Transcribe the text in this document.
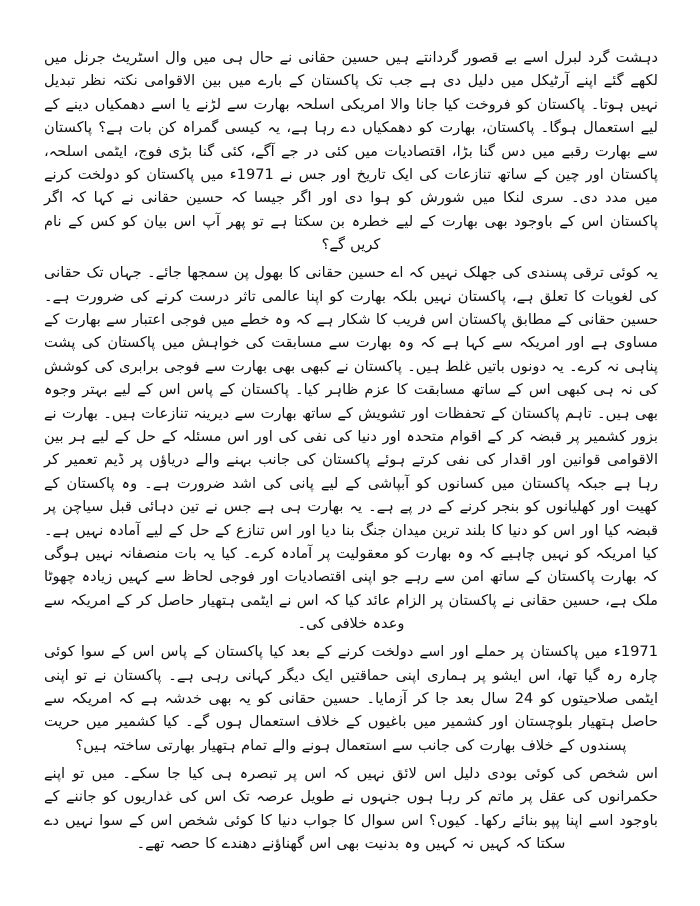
دہشت گرد لبرل اسے بے قصور گردانتے ہیں حسین حقانی نے حال ہی میں وال اسٹریٹ جرنل میں لکھے گئے اپنے آرٹیکل میں دلیل دی ہے جب تک پاکستان کے بارے میں بین الاقوامی نکتہ نظر تبدیل نہیں ہوتا۔ پاکستان کو فروخت کیا جانا والا امریکی اسلحہ بھارت سے لڑنے یا اسے دھمکیاں دینے کے لیے استعمال ہوگا۔ پاکستان، بھارت کو دھمکیاں دے رہا ہے، یہ کیسی گمراہ کن بات ہے؟ پاکستان سے بھارت رقبے میں دس گنا بڑا، اقتصادیات میں کئی در جے آگے، کئی گنا بڑی فوج، ایٹمی اسلحہ، پاکستان اور چین کے ساتھ تنازعات کی ایک تاریخ اور جس نے 1971ء میں پاکستان کو دولخت کرنے میں مدد دی۔ سری لنکا میں شورش کو ہوا دی اور اگر جیسا کہ حسین حقانی نے کہا کہ اگر پاکستان اس کے باوجود بھی بھارت کے لیے خطرہ بن سکتا ہے تو پھر آپ اس بیان کو کس کے نام کریں گے؟

یہ کوئی ترقی پسندی کی جھلک نہیں کہ اے حسین حقانی کا بھول پن سمجھا جائے۔ جہاں تک حقانی کی لغویات کا تعلق ہے، پاکستان نہیں بلکہ بھارت کو اپنا عالمی تاثر درست کرنے کی ضرورت ہے۔ حسین حقانی کے مطابق پاکستان اس فریب کا شکار ہے کہ وہ خطے میں فوجی اعتبار سے بھارت کے مساوی ہے اور امریکہ سے کہا ہے کہ وہ بھارت سے مسابقت کی خواہش میں پاکستان کی پشت پناہی نہ کرے۔ یہ دونوں باتیں غلط ہیں۔ پاکستان نے کبھی بھی بھارت سے فوجی برابری کی کوشش کی نہ ہی کبھی اس کے ساتھ مسابقت کا عزم ظاہر کیا۔ پاکستان کے پاس اس کے لیے بہتر وجوہ بھی ہیں۔ تاہم پاکستان کے تحفظات اور تشویش کے ساتھ بھارت سے دیرینہ تنازعات ہیں۔ بھارت نے بزور کشمیر پر قبضہ کر کے اقوام متحدہ اور دنیا کی نفی کی اور اس مسئلہ کے حل کے لیے ہر بین الاقوامی قوانین اور اقدار کی نفی کرتے ہوئے پاکستان کی جانب بہنے والے دریاؤں پر ڈیم تعمیر کر رہا ہے جبکہ پاکستان میں کسانوں کو آبپاشی کے لیے پانی کی اشد ضرورت ہے۔ وہ پاکستان کے کھیت اور کھلیانوں کو بنجر کرنے کے در پے ہے۔ یہ بھارت ہی ہے جس نے تین دہائی قبل سیاچن پر قبضہ کیا اور اس کو دنیا کا بلند ترین میدان جنگ بنا دیا اور اس تنازع کے حل کے لیے آمادہ نہیں ہے۔ کیا امریکہ کو نہیں چاہیے کہ وہ بھارت کو معقولیت پر آمادہ کرے۔ کیا یہ بات منصفانہ نہیں ہوگی کہ بھارت پاکستان کے ساتھ امن سے رہے جو اپنی اقتصادیات اور فوجی لحاظ سے کہیں زیادہ چھوٹا ملک ہے، حسین حقانی نے پاکستان پر الزام عائد کیا کہ اس نے ایٹمی ہتھیار حاصل کر کے امریکہ سے وعدہ خلافی کی۔

1971ء میں پاکستان پر حملے اور اسے دولخت کرنے کے بعد کیا پاکستان کے پاس اس کے سوا کوئی چارہ رہ گیا تھا، اس ایشو پر ہماری اپنی حماقتیں ایک دیگر کہانی رہی ہے۔ پاکستان نے تو اپنی ایٹمی صلاحیتوں کو 24 سال بعد جا کر آزمایا۔ حسین حقانی کو یہ بھی خدشہ ہے کہ امریکہ سے حاصل ہتھیار بلوچستان اور کشمیر میں باغیوں کے خلاف استعمال ہوں گے۔ کیا کشمیر میں حریت پسندوں کے خلاف بھارت کی جانب سے استعمال ہونے والے تمام ہتھیار بھارتی ساختہ ہیں؟

اس شخص کی کوئی بودی دلیل اس لائق نہیں کہ اس پر تبصرہ ہی کیا جا سکے۔ میں تو اپنے حکمرانوں کی عقل پر ماتم کر رہا ہوں جنہوں نے طویل عرصہ تک اس کی غداریوں کو جاننے کے باوجود اسے اپنا پپو بنائے رکھا۔ کیوں؟ اس سوال کا جواب دنیا کا کوئی شخص اس کے سوا نہیں دے سکتا کہ کہیں نہ کہیں وہ بدنیت بھی اس گھناؤنے دھندے کا حصہ تھے۔
